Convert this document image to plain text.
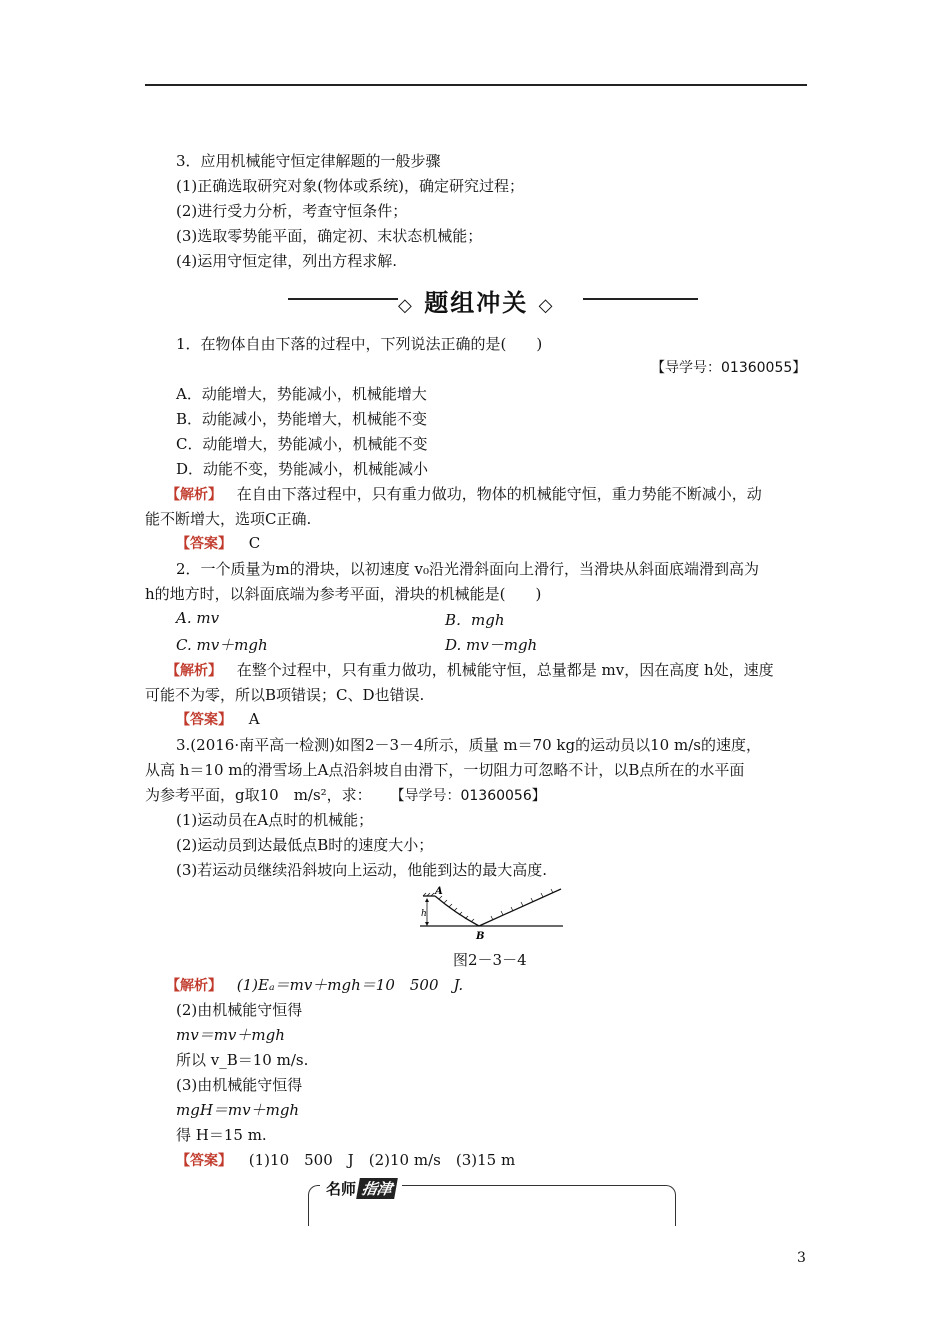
3．应用机械能守恒定律解题的一般步骤
(1)正确选取研究对象(物体或系统)，确定研究过程；
(2)进行受力分析，考查守恒条件；
(3)选取零势能平面，确定初、末状态机械能；
(4)运用守恒定律，列出方程求解.
◇ 题组冲关 ◇
1．在物体自由下落的过程中，下列说法正确的是(　　)
【导学号：01360055】
A．动能增大，势能减小，机械能增大
B．动能减小，势能增大，机械能不变
C．动能增大，势能减小，机械能不变
D．动能不变，势能减小，机械能减小
【解析】 在自由下落过程中，只有重力做功，物体的机械能守恒，重力势能不断减小，动
能不断增大，选项C正确.
【答案】 C
2．一个质量为m的滑块，以初速度 v₀沿光滑斜面向上滑行，当滑块从斜面底端滑到高为
h的地方时，以斜面底端为参考平面，滑块的机械能是(　　)
A. mv	B．mgh
C. mv＋mgh	D. mv－mgh
【解析】 在整个过程中，只有重力做功，机械能守恒，总量都是 mv，因在高度 h处，速度
可能不为零，所以B项错误；C、D也错误.
【答案】 A
3.(2016·南平高一检测)如图2－3－4所示，质量 m＝70 kg的运动员以10 m/s的速度，
从高 h＝10 m的滑雪场上A点沿斜坡自由滑下，一切阻力可忽略不计，以B点所在的水平面
为参考平面，g取10　m/s²，求： 【导学号：01360056】
(1)运动员在A点时的机械能；
(2)运动员到达最低点B时的速度大小；
(3)若运动员继续沿斜坡向上运动，他能到达的最大高度.
h
A
B
图2－3－4
【解析】 (1)Eₐ＝mv＋mgh＝10　500　J.
(2)由机械能守恒得
mv＝mv＋mgh
所以 v_B＝10 m/s.
(3)由机械能守恒得
mgH＝mv＋mgh
得 H＝15 m.
【答案】 (1)10　500　J　(2)10 m/s　(3)15 m
名师 指津
3
